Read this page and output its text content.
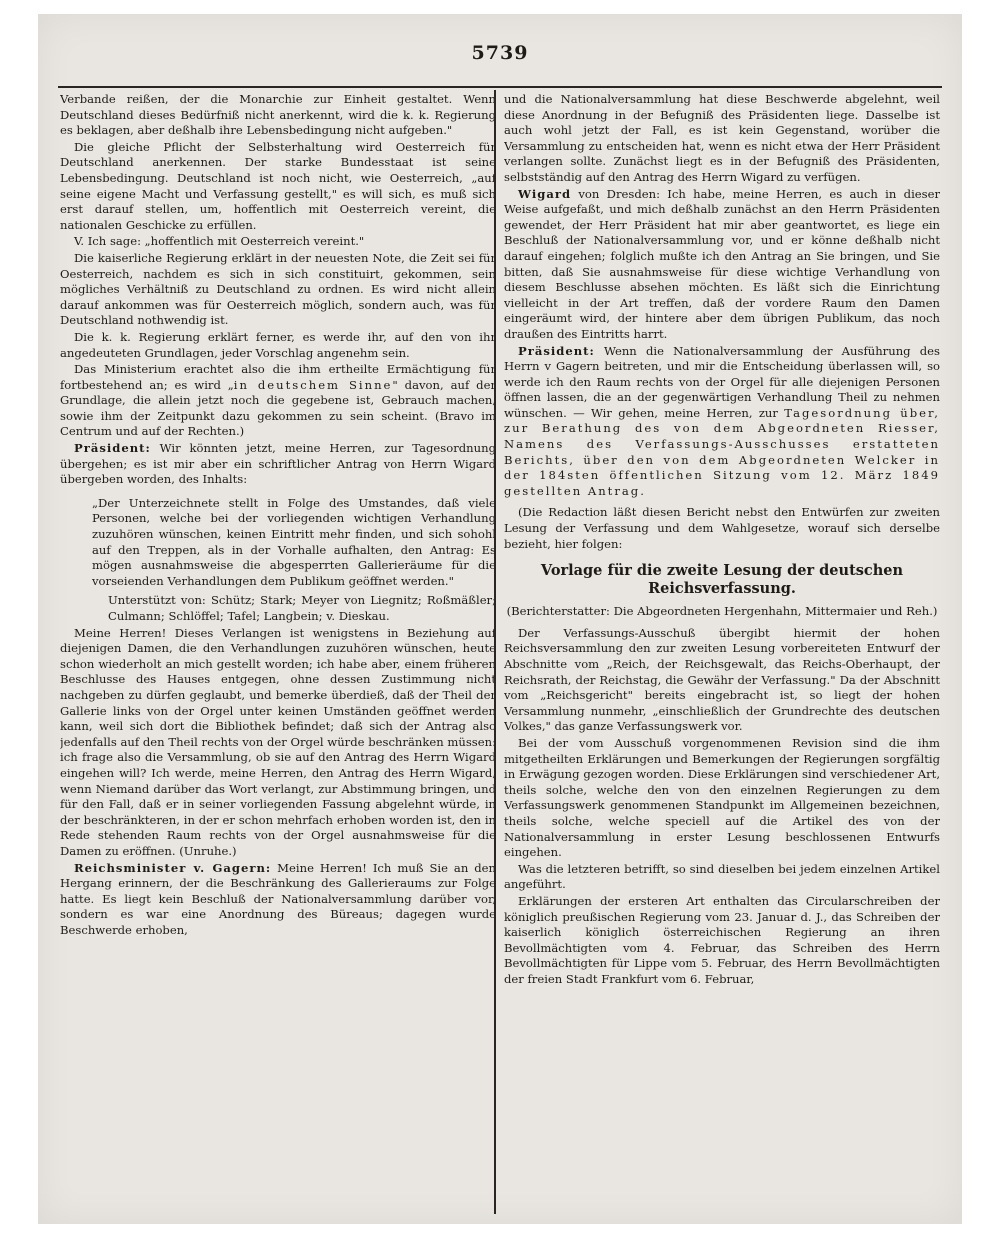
5739

Verbande reißen, der die Monarchie zur Einheit gestaltet. Wenn Deutschland dieses Bedürfniß nicht anerkennt, wird die k. k. Regierung es beklagen, aber deßhalb ihre Lebensbedingung nicht aufgeben."

Die gleiche Pflicht der Selbsterhaltung wird Oesterreich für Deutschland anerkennen. Der starke Bundesstaat ist seine Lebensbedingung. Deutschland ist noch nicht, wie Oesterreich, „auf seine eigene Macht und Verfassung gestellt," es will sich, es muß sich erst darauf stellen, um, hoffentlich mit Oesterreich vereint, die nationalen Geschicke zu erfüllen.

V. Ich sage: „hoffentlich mit Oesterreich vereint."

Die kaiserliche Regierung erklärt in der neuesten Note, die Zeit sei für Oesterreich, nachdem es sich in sich constituirt, gekommen, sein mögliches Verhältniß zu Deutschland zu ordnen. Es wird nicht allein darauf ankommen was für Oesterreich möglich, sondern auch, was für Deutschland nothwendig ist.

Die k. k. Regierung erklärt ferner, es werde ihr, auf den von ihr angedeuteten Grundlagen, jeder Vorschlag angenehm sein.

Das Ministerium erachtet also die ihm ertheilte Ermächtigung für fortbestehend an; es wird „in deutschem Sinne" davon, auf der Grundlage, die allein jetzt noch die gegebene ist, Gebrauch machen, sowie ihm der Zeitpunkt dazu gekommen zu sein scheint. (Bravo im Centrum und auf der Rechten.)

Präsident: Wir könnten jetzt, meine Herren, zur Tagesordnung übergehen; es ist mir aber ein schriftlicher Antrag von Herrn Wigard übergeben worden, des Inhalts:

„Der Unterzeichnete stellt in Folge des Umstandes, daß viele Personen, welche bei der vorliegenden wichtigen Verhandlung zuzuhören wünschen, keinen Eintritt mehr finden, und sich sohohl auf den Treppen, als in der Vorhalle aufhalten, den Antrag: Es mögen ausnahmsweise die abgesperrten Gallerieräume für die vorseienden Verhandlungen dem Publikum geöffnet werden."

Unterstützt von: Schütz; Stark; Meyer von Liegnitz; Roßmäßler; Culmann; Schlöffel; Tafel; Langbein; v. Dieskau.

Meine Herren! Dieses Verlangen ist wenigstens in Beziehung auf diejenigen Damen, die den Verhandlungen zuzuhören wünschen, heute schon wiederholt an mich gestellt worden; ich habe aber, einem früheren Beschlusse des Hauses entgegen, ohne dessen Zustimmung nicht nachgeben zu dürfen geglaubt, und bemerke überdieß, daß der Theil der Gallerie links von der Orgel unter keinen Umständen geöffnet werden kann, weil sich dort die Bibliothek befindet; daß sich der Antrag also jedenfalls auf den Theil rechts von der Orgel würde beschränken müssen: ich frage also die Versammlung, ob sie auf den Antrag des Herrn Wigard eingehen will? Ich werde, meine Herren, den Antrag des Herrn Wigard, wenn Niemand darüber das Wort verlangt, zur Abstimmung bringen, und für den Fall, daß er in seiner vorliegenden Fassung abgelehnt würde, in der beschränkteren, in der er schon mehrfach erhoben worden ist, den in Rede stehenden Raum rechts von der Orgel ausnahmsweise für die Damen zu eröffnen. (Unruhe.)

Reichsminister v. Gagern: Meine Herren! Ich muß Sie an den Hergang erinnern, der die Beschränkung des Gallerieraums zur Folge hatte. Es liegt kein Beschluß der Nationalversammlung darüber vor, sondern es war eine Anordnung des Büreaus; dagegen wurde Beschwerde erhoben,

und die Nationalversammlung hat diese Beschwerde abgelehnt, weil diese Anordnung in der Befugniß des Präsidenten liege. Dasselbe ist auch wohl jetzt der Fall, es ist kein Gegenstand, worüber die Versammlung zu entscheiden hat, wenn es nicht etwa der Herr Präsident verlangen sollte. Zunächst liegt es in der Befugniß des Präsidenten, selbstständig auf den Antrag des Herrn Wigard zu verfügen.

Wigard von Dresden: Ich habe, meine Herren, es auch in dieser Weise aufgefaßt, und mich deßhalb zunächst an den Herrn Präsidenten gewendet, der Herr Präsident hat mir aber geantwortet, es liege ein Beschluß der Nationalversammlung vor, und er könne deßhalb nicht darauf eingehen; folglich mußte ich den Antrag an Sie bringen, und Sie bitten, daß Sie ausnahmsweise für diese wichtige Verhandlung von diesem Beschlusse absehen möchten. Es läßt sich die Einrichtung vielleicht in der Art treffen, daß der vordere Raum den Damen eingeräumt wird, der hintere aber dem übrigen Publikum, das noch draußen des Eintritts harrt.

Präsident: Wenn die Nationalversammlung der Ausführung des Herrn v Gagern beitreten, und mir die Entscheidung überlassen will, so werde ich den Raum rechts von der Orgel für alle diejenigen Personen öffnen lassen, die an der gegenwärtigen Verhandlung Theil zu nehmen wünschen. — Wir gehen, meine Herren, zur Tagesordnung über, zur Berathung des von dem Abgeordneten Riesser, Namens des Verfassungs-Ausschusses erstatteten Berichts, über den von dem Abgeordneten Welcker in der 184sten öffentlichen Sitzung vom 12. März 1849 gestellten Antrag.

(Die Redaction läßt diesen Bericht nebst den Entwürfen zur zweiten Lesung der Verfassung und dem Wahlgesetze, worauf sich derselbe bezieht, hier folgen:

Vorlage für die zweite Lesung der deutschen Reichsverfassung.

(Berichterstatter: Die Abgeordneten Hergenhahn, Mittermaier und Reh.)

Der Verfassungs-Ausschuß übergibt hiermit der hohen Reichsversammlung den zur zweiten Lesung vorbereiteten Entwurf der Abschnitte vom „Reich, der Reichsgewalt, das Reichs-Oberhaupt, der Reichsrath, der Reichstag, die Gewähr der Verfassung." Da der Abschnitt vom „Reichsgericht" bereits eingebracht ist, so liegt der hohen Versammlung nunmehr, „einschließlich der Grundrechte des deutschen Volkes," das ganze Verfassungswerk vor.

Bei der vom Ausschuß vorgenommenen Revision sind die ihm mitgetheilten Erklärungen und Bemerkungen der Regierungen sorgfältig in Erwägung gezogen worden. Diese Erklärungen sind verschiedener Art, theils solche, welche den von den einzelnen Regierungen zu dem Verfassungswerk genommenen Standpunkt im Allgemeinen bezeichnen, theils solche, welche speciell auf die Artikel des von der Nationalversammlung in erster Lesung beschlossenen Entwurfs eingehen.

Was die letzteren betrifft, so sind dieselben bei jedem einzelnen Artikel angeführt.

Erklärungen der ersteren Art enthalten das Circularschreiben der königlich preußischen Regierung vom 23. Januar d. J., das Schreiben der kaiserlich königlich österreichischen Regierung an ihren Bevollmächtigten vom 4. Februar, das Schreiben des Herrn Bevollmächtigten für Lippe vom 5. Februar, des Herrn Bevollmächtigten der freien Stadt Frankfurt vom 6. Februar,
